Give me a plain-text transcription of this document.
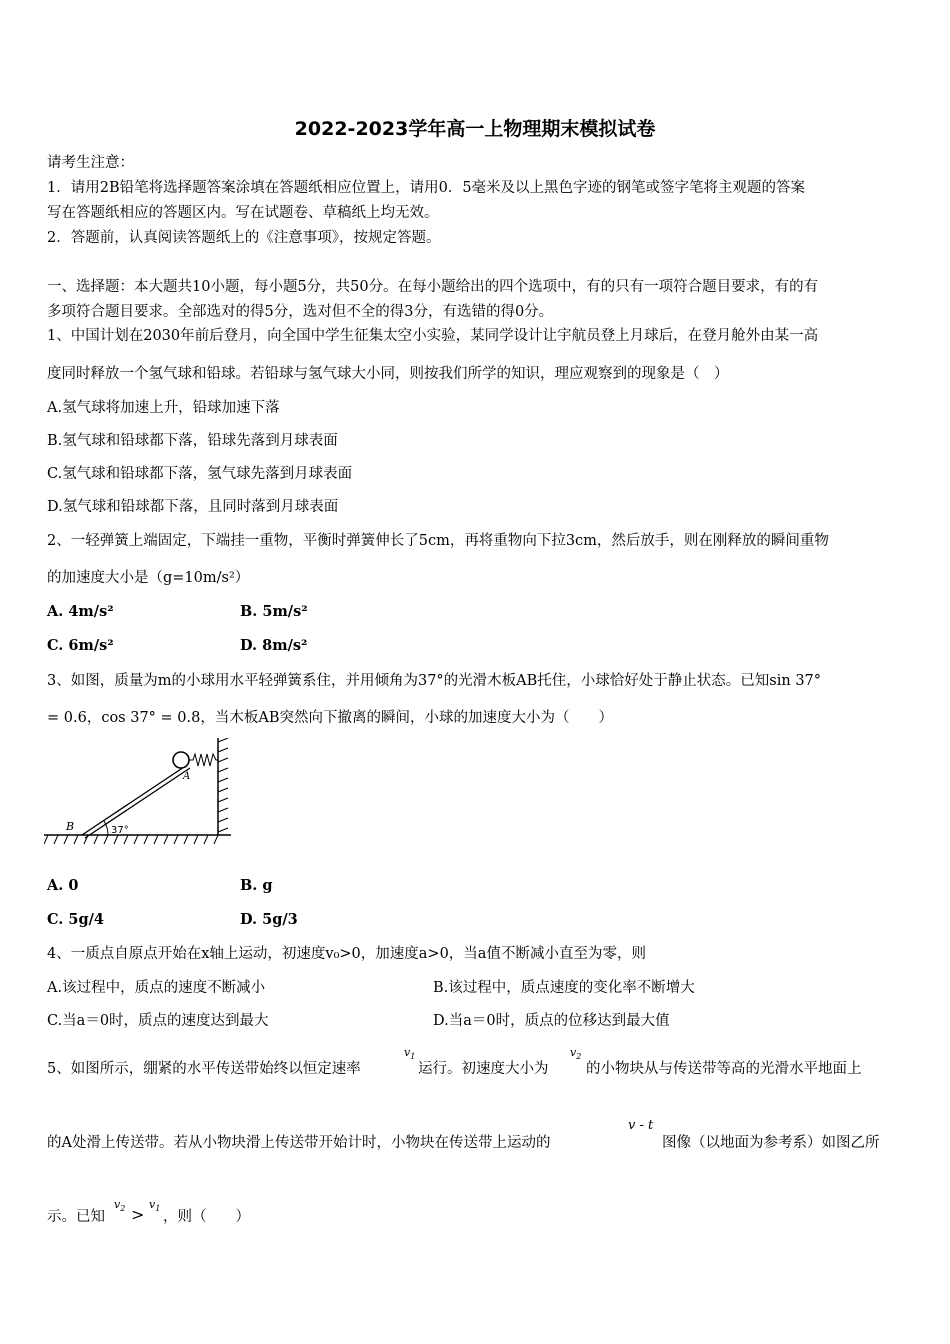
2022-2023学年高一上物理期末模拟试卷
请考生注意：
1．请用2B铅笔将选择题答案涂填在答题纸相应位置上，请用0．5毫米及以上黑色字迹的钢笔或签字笔将主观题的答案
写在答题纸相应的答题区内。写在试题卷、草稿纸上均无效。
2．答题前，认真阅读答题纸上的《注意事项》，按规定答题。
一、选择题：本大题共10小题，每小题5分，共50分。在每小题给出的四个选项中，有的只有一项符合题目要求，有的有
多项符合题目要求。全部选对的得5分，选对但不全的得3分，有选错的得0分。
1、中国计划在2030年前后登月，向全国中学生征集太空小实验，某同学设计让宇航员登上月球后，在登月舱外由某一高
度同时释放一个氢气球和铅球。若铅球与氢气球大小同，则按我们所学的知识，理应观察到的现象是（　）
A.氢气球将加速上升，铅球加速下落
B.氢气球和铅球都下落，铅球先落到月球表面
C.氢气球和铅球都下落，氢气球先落到月球表面
D.氢气球和铅球都下落，且同时落到月球表面
2、一轻弹簧上端固定，下端挂一重物，平衡时弹簧伸长了5cm，再将重物向下拉3cm，然后放手，则在刚释放的瞬间重物
的加速度大小是（g=10m/s²）
A. 4m/s²	B. 5m/s²
C. 6m/s²	D. 8m/s²
3、如图，质量为m的小球用水平轻弹簧系住，并用倾角为37°的光滑木板AB托住，小球恰好处于静止状态。已知sin 37°
= 0.6，cos 37° = 0.8，当木板AB突然向下撤离的瞬间，小球的加速度大小为（　　）
A
B	37°
A. 0	B. g
C. 5g/4	D. 5g/3
4、一质点自原点开始在x轴上运动，初速度v₀>0，加速度a>0，当a值不断减小直至为零，则
A.该过程中，质点的速度不断减小	B.该过程中，质点速度的变化率不断增大
C.当a＝0时，质点的速度达到最大	D.当a＝0时，质点的位移达到最大值
5、如图所示，绷紧的水平传送带始终以恒定速率
$v_1$
运行。初速度大小为
$v_2$
的小物块从与传送带等高的光滑水平地面上
的A处滑上传送带。若从小物块滑上传送带开始计时，小物块在传送带上运动的
v - t
图像（以地面为参考系）如图乙所
示。已知
$v_2$ >
$v_1$
，则（　　）
